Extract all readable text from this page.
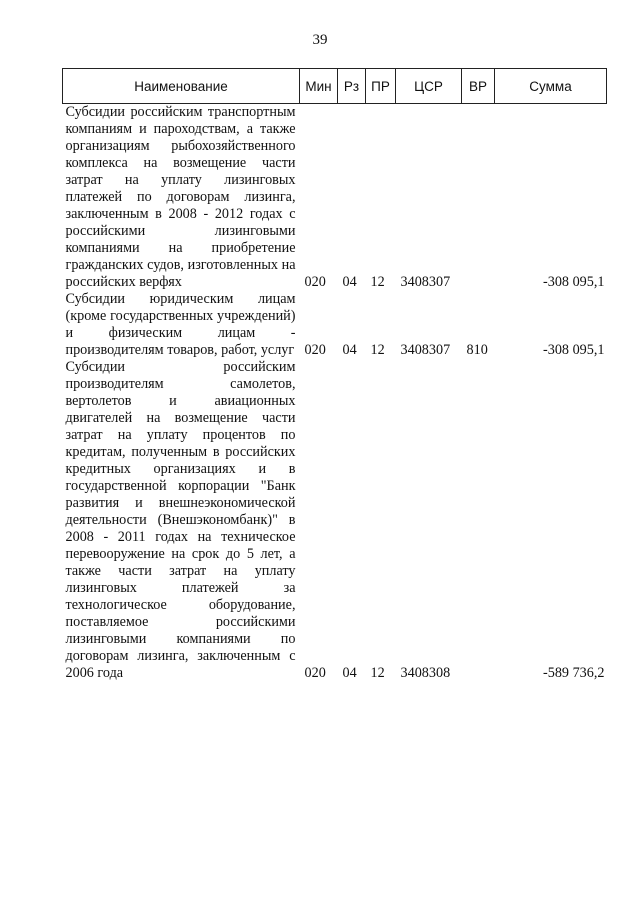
39
Наименование	Мин	Рз	ПР	ЦСР	ВР	Сумма

Субсидии российским транспортным компаниям и пароходствам, а также организациям рыбохозяйственного комплекса на возмещение части затрат на уплату лизинговых платежей по договорам лизинга, заключенным в 2008 - 2012 годах с российскими лизинговыми компаниями на приобретение гражданских судов, изготовленных на российских верфях	020	04	12	3408307		-308 095,1

Субсидии юридическим лицам (кроме государственных учреждений) и физическим лицам - производителям товаров, работ, услуг	020	04	12	3408307	810	-308 095,1

Субсидии российским производителям самолетов, вертолетов и авиационных двигателей на возмещение части затрат на уплату процентов по кредитам, полученным в российских кредитных организациях и в государственной корпорации "Банк развития и внешнеэкономической деятельности (Внешэкономбанк)" в 2008 - 2011 годах на техническое перевооружение на срок до 5 лет, а также части затрат на уплату лизинговых платежей за технологическое оборудование, поставляемое российскими лизинговыми компаниями по договорам лизинга, заключенным с 2006 года	020	04	12	3408308		-589 736,2
